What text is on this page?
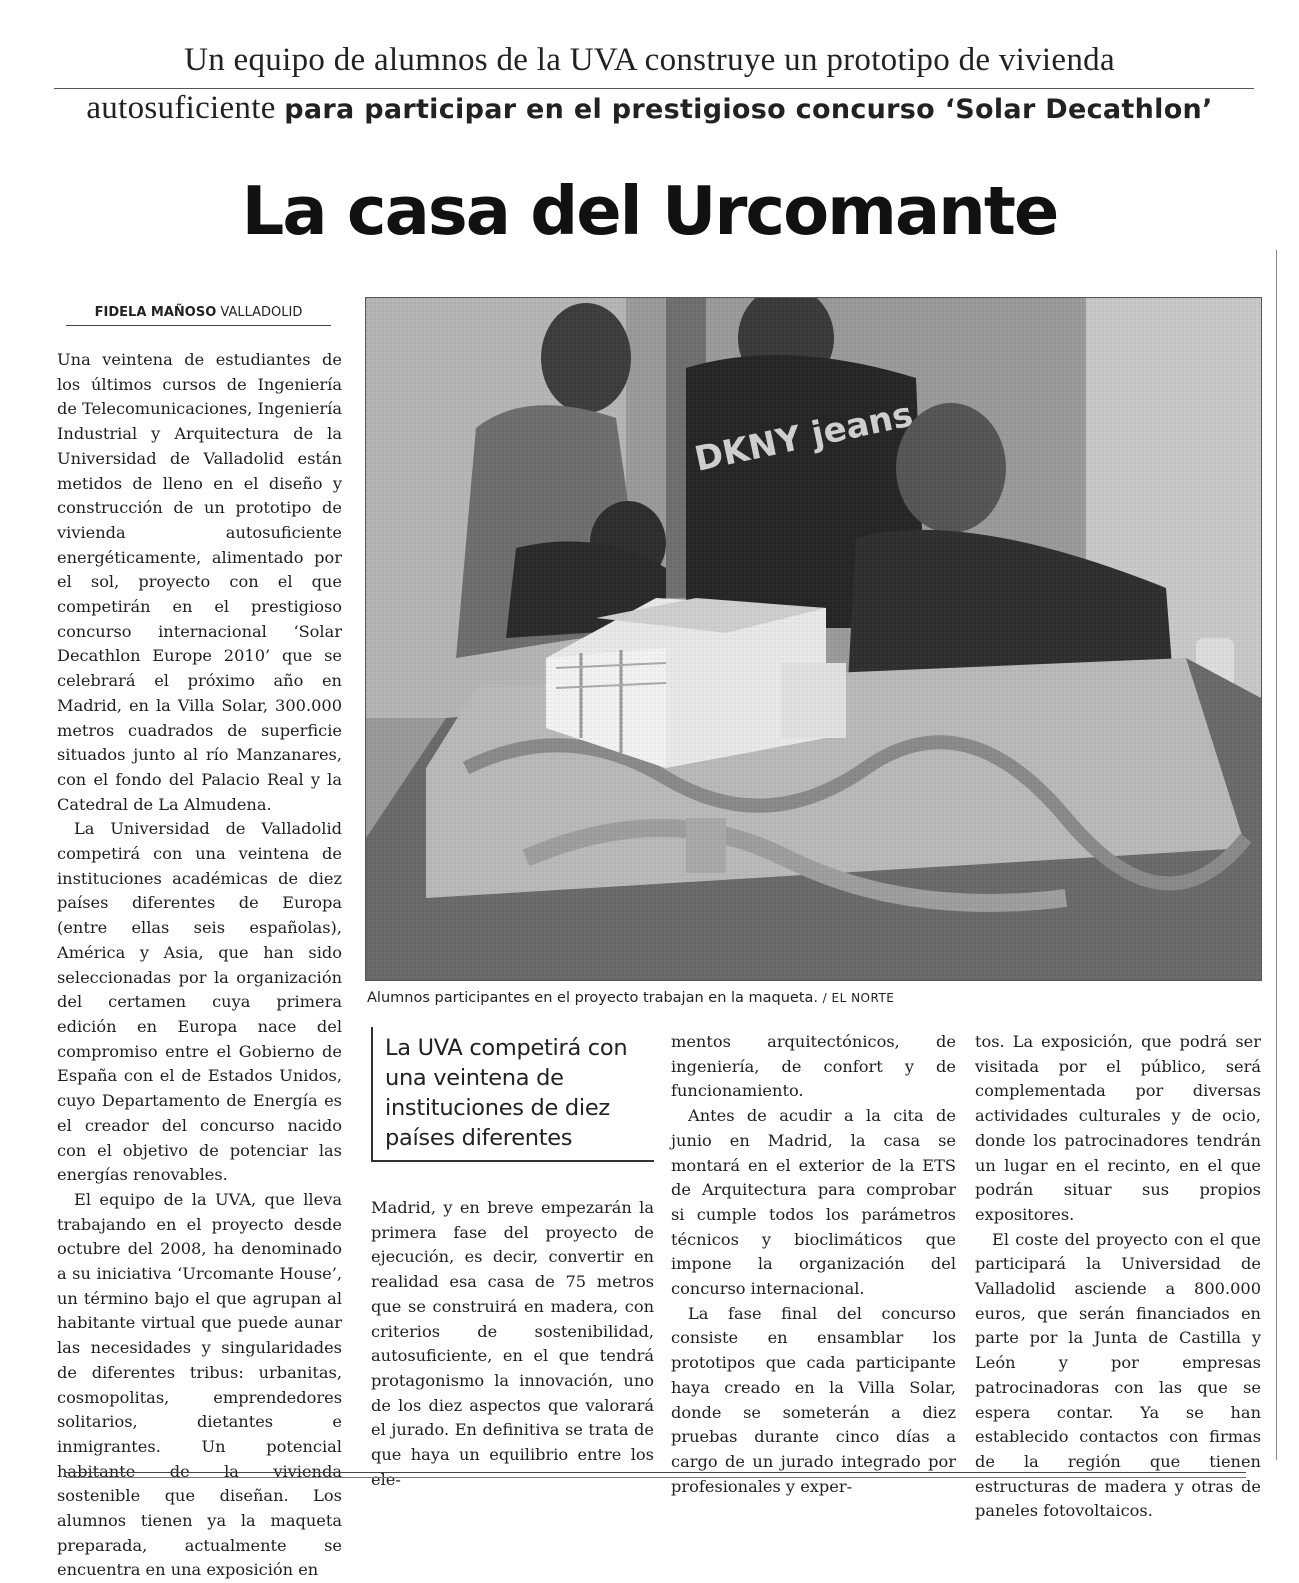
Un equipo de alumnos de la UVA construye un prototipo de vivienda
autosuficiente para participar en el prestigioso concurso ‘Solar Decathlon’
La casa del Urcomante
FIDELA MAÑOSO VALLADOLID

Una veintena de estudiantes de los últimos cursos de Ingeniería de Telecomunicaciones, Ingeniería Industrial y Arquitectura de la Universidad de Valladolid están metidos de lleno en el diseño y construcción de un prototipo de vivienda autosuficiente energéticamente, alimentado por el sol, proyecto con el que competirán en el prestigioso concurso internacional ‘Solar Decathlon Europe 2010’ que se celebrará el próximo año en Madrid, en la Villa Solar, 300.000 metros cuadrados de superficie situados junto al río Manzanares, con el fondo del Palacio Real y la Catedral de La Almudena.

La Universidad de Valladolid competirá con una veintena de instituciones académicas de diez países diferentes de Europa (entre ellas seis españolas), América y Asia, que han sido seleccionadas por la organización del certamen cuya primera edición en Europa nace del compromiso entre el Gobierno de España con el de Estados Unidos, cuyo Departamento de Energía es el creador del concurso nacido con el objetivo de potenciar las energías renovables.

El equipo de la UVA, que lleva trabajando en el proyecto desde octubre del 2008, ha denominado a su iniciativa ‘Urcomante House’, un término bajo el que agrupan al habitante virtual que puede aunar las necesidades y singularidades de diferentes tribus: urbanitas, cosmopolitas, emprendedores solitarios, dietantes e inmigrantes. Un potencial habitante de la vivienda sostenible que diseñan. Los alumnos tienen ya la maqueta preparada, actualmente se encuentra en una exposición en

Alumnos participantes en el proyecto trabajan en la maqueta. / EL NORTE
La UVA competirá con una veintena de instituciones de diez países diferentes

Madrid, y en breve empezarán la primera fase del proyecto de ejecución, es decir, convertir en realidad esa casa de 75 metros que se construirá en madera, con criterios de sostenibilidad, autosuficiente, en el que tendrá protagonismo la innovación, uno de los diez aspectos que valorará el jurado. En definitiva se trata de que haya un equilibrio entre los ele-

mentos arquitectónicos, de ingeniería, de confort y de funcionamiento.

Antes de acudir a la cita de junio en Madrid, la casa se montará en el exterior de la ETS de Arquitectura para comprobar si cumple todos los parámetros técnicos y bioclimáticos que impone la organización del concurso internacional.

La fase final del concurso consiste en ensamblar los prototipos que cada participante haya creado en la Villa Solar, donde se someterán a diez pruebas durante cinco días a cargo de un jurado integrado por profesionales y exper-

tos. La exposición, que podrá ser visitada por el público, será complementada por diversas actividades culturales y de ocio, donde los patrocinadores tendrán un lugar en el recinto, en el que podrán situar sus propios expositores.

El coste del proyecto con el que participará la Universidad de Valladolid asciende a 800.000 euros, que serán financiados en parte por la Junta de Castilla y León y por empresas patrocinadoras con las que se espera contar. Ya se han establecido contactos con firmas de la región que tienen estructuras de madera y otras de paneles fotovoltaicos.
